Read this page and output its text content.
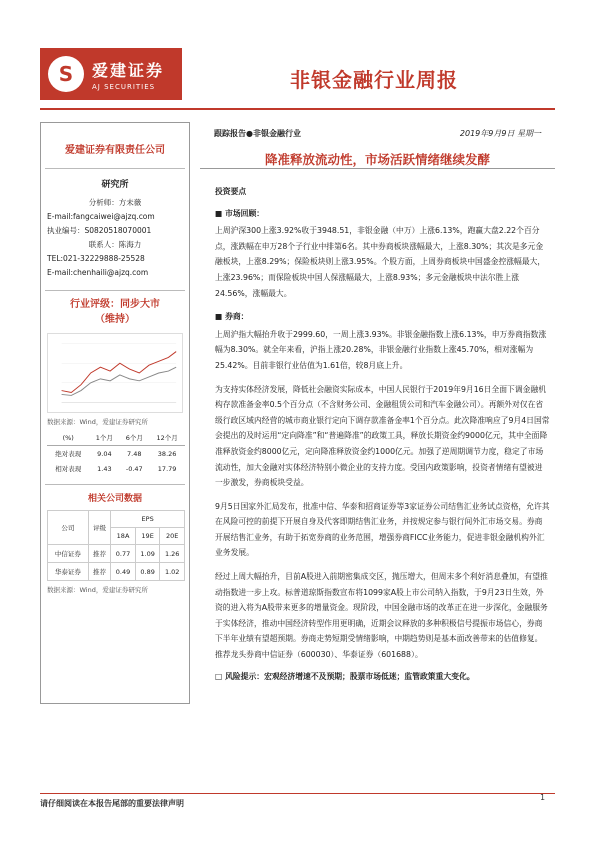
S	爱建证券
AJ SECURITIES	非银金融行业周报
爱建证券有限责任公司
研究所
分析师：方未薇
E-mail:fangcaiwei@ajzq.com
执业编号：S0820518070001
联系人：陈海力
TEL:021-32229888-25528
E-mail:chenhaili@ajzq.com
行业评级：同步大市
（维持）
数据来源：Wind，爱建证券研究所
(%)	1个月	6个月	12个月
绝对表现	9.04	7.48	38.26
相对表现	1.43	-0.47	17.79
相关公司数据
公司	评级	EPS		
		18A	19E	20E
中信证券	推荐	0.77	1.09	1.26
华泰证券	推荐	0.49	0.89	1.02
数据来源：Wind，爱建证券研究所
跟踪报告●非银金融行业	2019年9月9日 星期一
降准释放流动性，市场活跃情绪继续发酵
投资要点
■ 市场回顾：

上周沪深300上涨3.92%收于3948.51，非银金融（中万）上涨6.13%，跑赢大盘2.22个百分点，涨跌幅在申万28个子行业中排第6名。其中券商板块涨幅最大，上涨8.30%；其次是多元金融板块，上涨8.29%；保险板块则上涨3.95%。个股方面，上周券商板块中国盛金控涨幅最大，上涨23.96%；而保险板块中国人保涨幅最大，上涨8.93%；多元金融板块中法尔胜上涨24.56%，涨幅最大。

■ 券商：

上周沪指大幅抬升收于2999.60，一周上涨3.93%。非银金融指数上涨6.13%，申万券商指数涨幅为8.30%。就全年来看，沪指上涨20.28%，非银金融行业指数上涨45.70%，相对涨幅为25.42%。目前非银行业估值为1.61倍，较8月底上升。

为支持实体经济发展，降低社会融资实际成本，中国人民银行于2019年9月16日全面下调金融机构存款准备金率0.5个百分点（不含财务公司、金融租赁公司和汽车金融公司）。再额外对仅在省级行政区域内经营的城市商业银行定向下调存款准备金率1个百分点。此次降准响应了9月4日国常会提出的及时运用“定向降准”和“普遍降准”的政策工具，释放长期资金约9000亿元，其中全面降准释放资金约8000亿元，定向降准释放资金约1000亿元。加强了逆周期调节力度，稳定了市场流动性，加大金融对实体经济特别小微企业的支持力度。受国内政策影响，投资者情绪有望被进一步激发，券商板块受益。

9月5日国家外汇局发布，批准中信、华泰和招商证券等3家证券公司结售汇业务试点资格，允许其在风险可控的前提下开展自身及代客即期结售汇业务，并按规定参与银行间外汇市场交易。券商开展结售汇业务，有助于拓宽券商的业务范围，增强券商FICC业务能力，促进非银金融机构外汇业务发展。

经过上周大幅抬升，目前A股进入前期密集成交区，抛压增大，但周末多个利好消息叠加，有望推动指数进一步上攻。标普道琼斯指数宣布将1099家A股上市公司纳入指数，于9月23日生效，外资的进入将为A股带来更多的增量资金。现阶段，中国金融市场的改革正在进一步深化，金融服务于实体经济，推动中国经济转型作用更明确，近期会议释放的多种积极信号提振市场信心，券商下半年业绩有望超预期。券商走势短期受情绪影响，中期趋势则是基本面改善带来的估值修复。推荐龙头券商中信证券（600030）、华泰证券（601688）。

□ 风险提示：宏观经济增速不及预期；股票市场低迷；监管政策重大变化。
请仔细阅读在本报告尾部的重要法律声明
1
